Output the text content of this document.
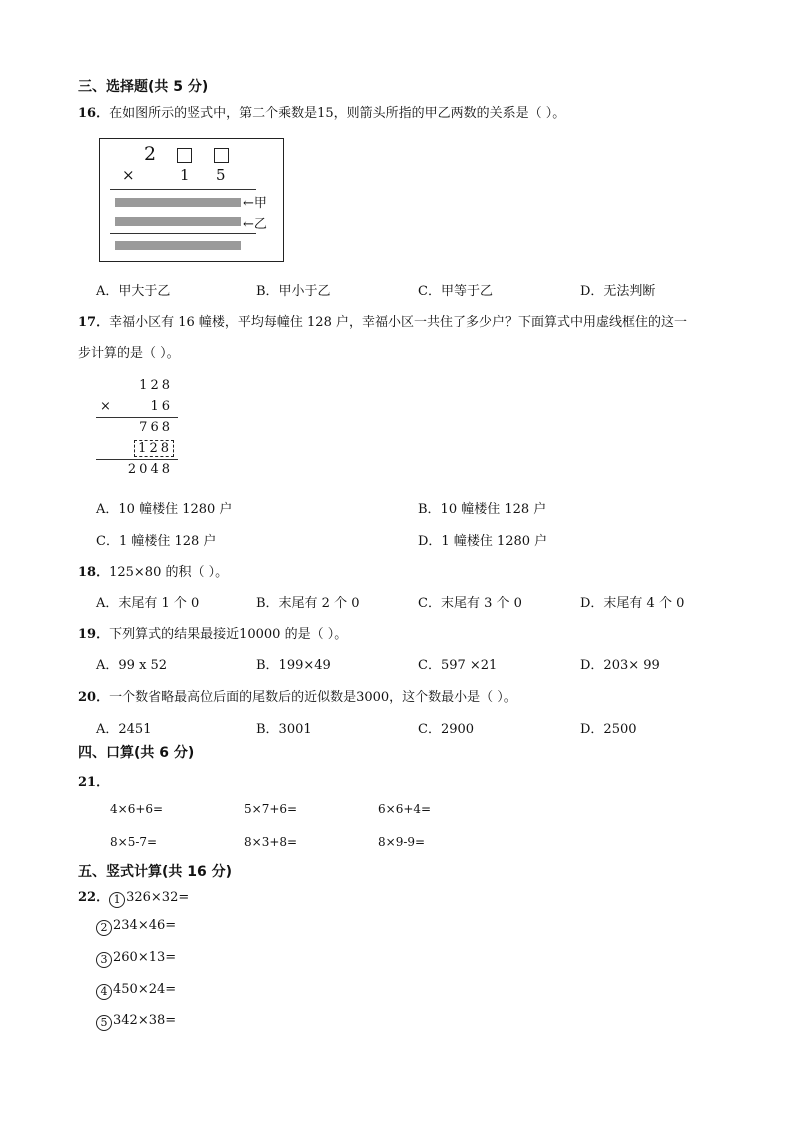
三、选择题(共 5 分)
16．在如图所示的竖式中，第二个乘数是15，则箭头所指的甲乙两数的关系是（ ）。
2
×	1 5
←甲
←乙
A．甲大于乙	B．甲小于乙	C．甲等于乙	D．无法判断
17．幸福小区有 16 幢楼，平均每幢住 128 户，幸福小区一共住了多少户？下面算式中用虚线框住的这一
步计算的是（ ）。
128
×	16
768
128
2048
A．10 幢楼住 1280 户	B．10 幢楼住 128 户
C．1 幢楼住 128 户	D．1 幢楼住 1280 户
18．125×80 的积（ ）。
A．末尾有 1 个 0	B．末尾有 2 个 0	C．末尾有 3 个 0	D．末尾有 4 个 0
19．下列算式的结果最接近10000 的是（ ）。
A．99 x 52	B．199×49	C．597 ×21	D．203× 99
20．一个数省略最高位后面的尾数后的近似数是3000，这个数最小是（ ）。
A．2451	B．3001	C．2900	D．2500
四、口算(共 6 分)
21．
4×6+6=	5×7+6=	6×6+4=
8×5-7=	8×3+8=	8×9-9=
五、竖式计算(共 16 分)
22． 1 326×32=
2 234×46=
3 260×13=
4 450×24=
5 342×38=
